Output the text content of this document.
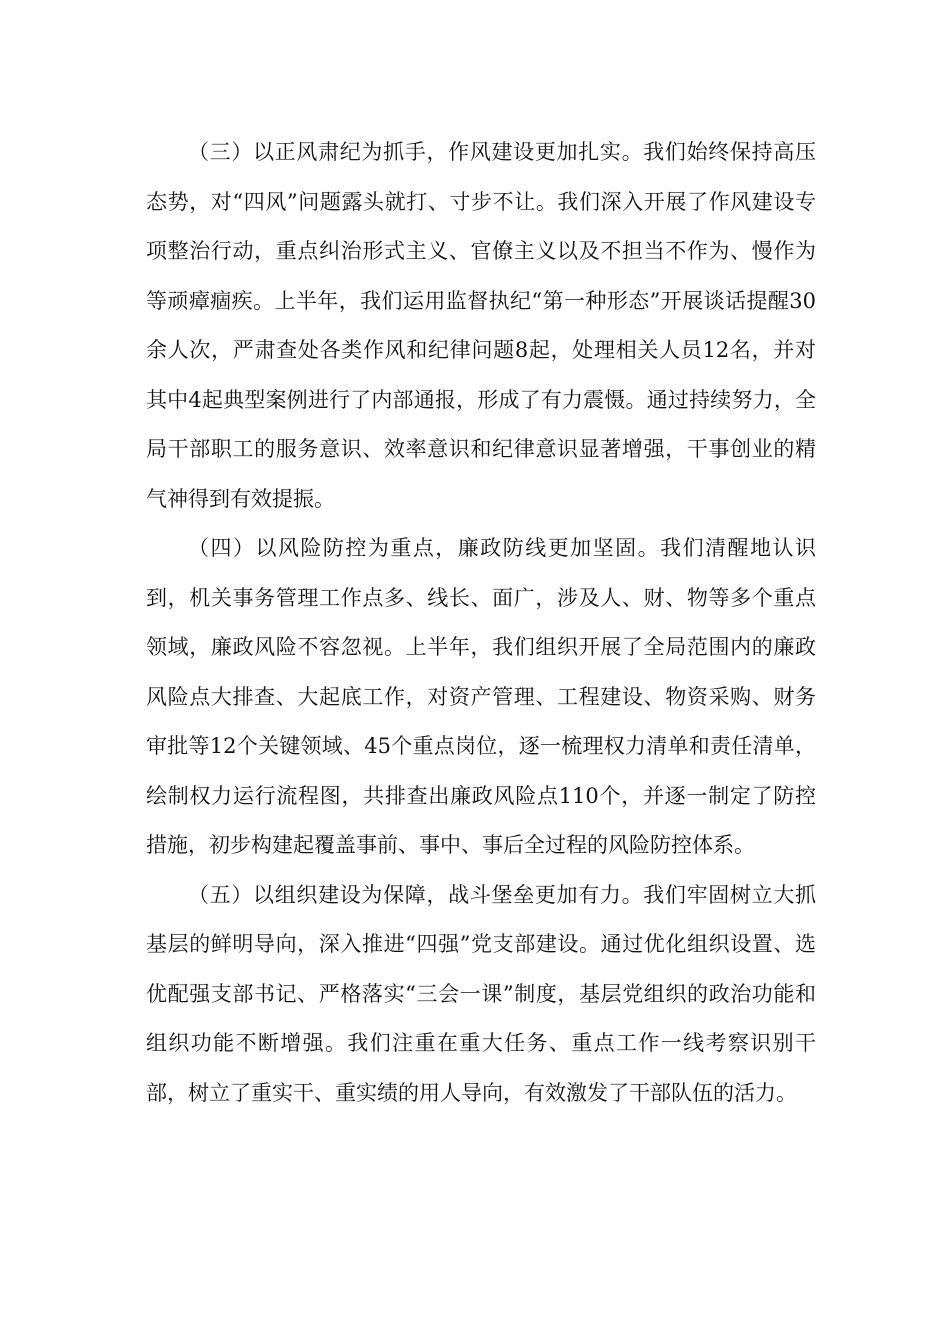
（三）以正风肃纪为抓手，作风建设更加扎实。我们始终保持高压态势，对“四风”问题露头就打、寸步不让。我们深入开展了作风建设专项整治行动，重点纠治形式主义、官僚主义以及不担当不作为、慢作为等顽瘴痼疾。上半年，我们运用监督执纪“第一种形态”开展谈话提醒30余人次，严肃查处各类作风和纪律问题8起，处理相关人员12名，并对其中4起典型案例进行了内部通报，形成了有力震慑。通过持续努力，全局干部职工的服务意识、效率意识和纪律意识显著增强，干事创业的精气神得到有效提振。

（四）以风险防控为重点，廉政防线更加坚固。我们清醒地认识到，机关事务管理工作点多、线长、面广，涉及人、财、物等多个重点领域，廉政风险不容忽视。上半年，我们组织开展了全局范围内的廉政风险点大排查、大起底工作，对资产管理、工程建设、物资采购、财务审批等12个关键领域、45个重点岗位，逐一梳理权力清单和责任清单，绘制权力运行流程图，共排查出廉政风险点110个，并逐一制定了防控措施，初步构建起覆盖事前、事中、事后全过程的风险防控体系。

（五）以组织建设为保障，战斗堡垒更加有力。我们牢固树立大抓基层的鲜明导向，深入推进“四强”党支部建设。通过优化组织设置、选优配强支部书记、严格落实“三会一课”制度，基层党组织的政治功能和组织功能不断增强。我们注重在重大任务、重点工作一线考察识别干部，树立了重实干、重实绩的用人导向，有效激发了干部队伍的活力。
